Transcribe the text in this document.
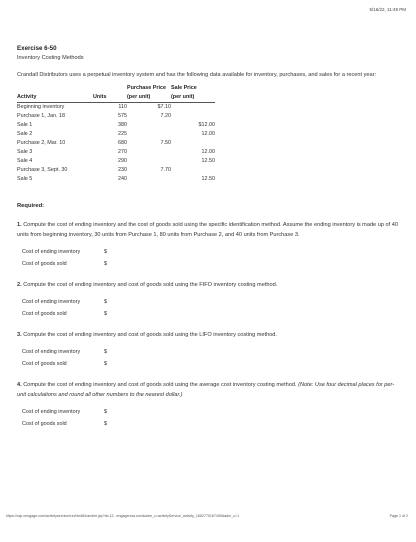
5/16/22, 11:49 PM
Exercise 6-50

Inventory Costing Methods

Crandall Distributors uses a perpetual inventory system and has the following data available for inventory, purchases, and sales for a recent year:

		Purchase Price	Sale Price
Activity	Units	(per unit)	(per unit)
Beginning inventory	110	$7.10	
Purchase 1, Jan. 18	575	7.20	
Sale 1	380		$12.00
Sale 2	225		12.00
Purchase 2, Mar. 10	680	7.50	
Sale 3	270		12.00
Sale 4	290		12.50
Purchase 3, Sept. 30	230	7.70	
Sale 5	240		12.50
Required:

1. Compute the cost of ending inventory and the cost of goods sold using the specific identification method. Assume the ending inventory is made up of 40 units from beginning inventory, 30 units from Purchase 1, 80 units from Purchase 2, and 40 units from Purchase 3.

Cost of ending inventory	$
Cost of goods sold	$

2. Compute the cost of ending inventory and cost of goods sold using the FIFO inventory costing method.

Cost of ending inventory	$
Cost of goods sold	$

3. Compute the cost of ending inventory and cost of goods sold using the LIFO inventory costing method.

Cost of ending inventory	$
Cost of goods sold	$

4. Compute the cost of ending inventory and cost of goods sold using the average cost inventory costing method. (Note: Use four decimal places for per-unit calculations and round all other numbers to the nearest dollar.)

Cost of ending inventory	$
Cost of goods sold	$
https://csp.cengage.com/activityservice/run/html5/handler.jsp?dc:12...engagenow.com&adm_c=activityService_activity_1652770167455&adm_c=1	Page 1 of 2
